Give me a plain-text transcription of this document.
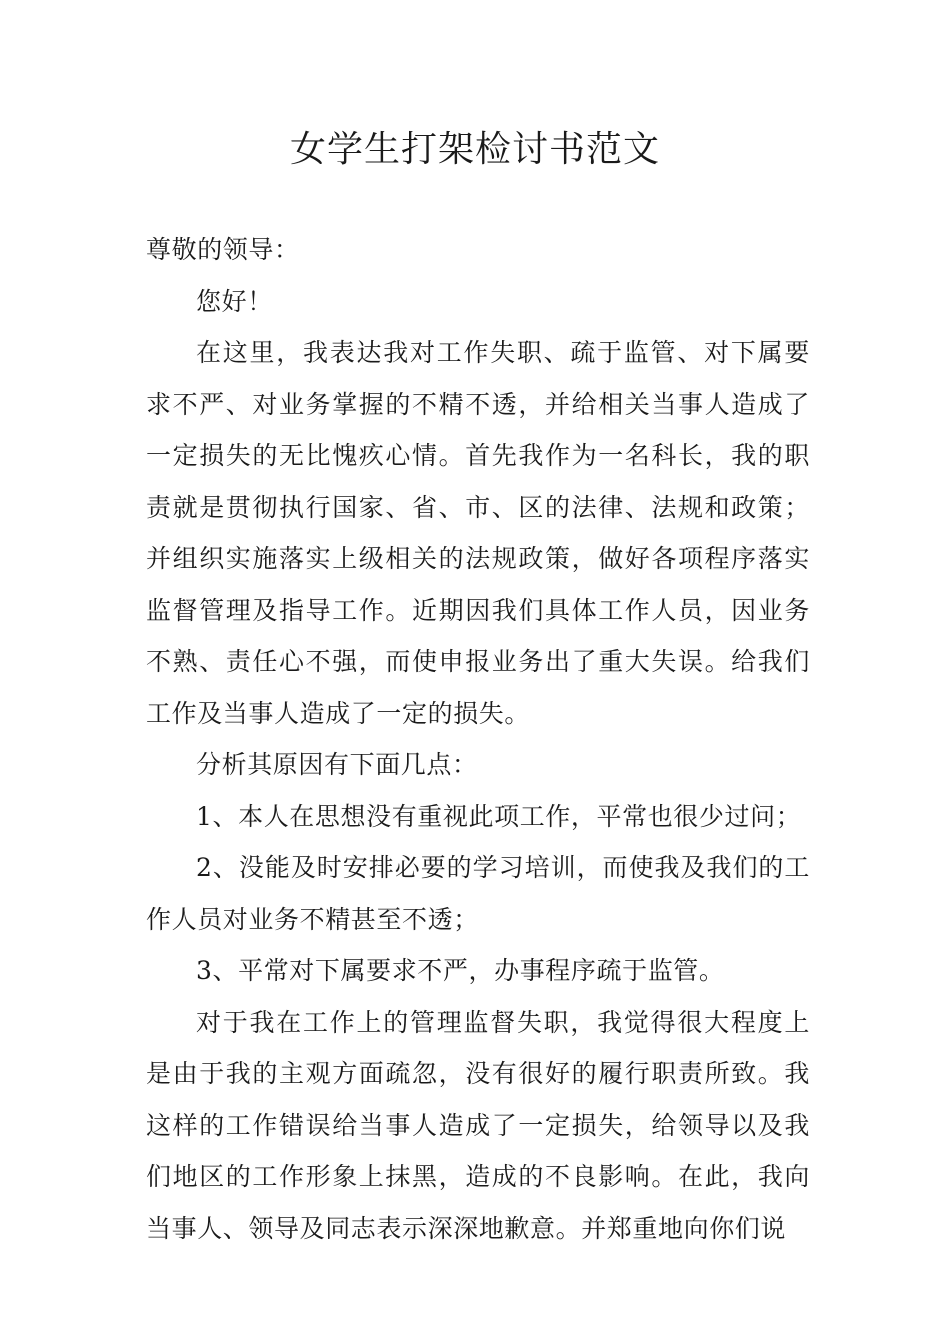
女学生打架检讨书范文

尊敬的领导：

您好！

在这里，我表达我对工作失职、疏于监管、对下属要求不严、对业务掌握的不精不透，并给相关当事人造成了一定损失的无比愧疚心情。首先我作为一名科长，我的职责就是贯彻执行国家、省、市、区的法律、法规和政策；并组织实施落实上级相关的法规政策，做好各项程序落实监督管理及指导工作。近期因我们具体工作人员，因业务不熟、责任心不强，而使申报业务出了重大失误。给我们工作及当事人造成了一定的损失。

分析其原因有下面几点：

1、本人在思想没有重视此项工作，平常也很少过问；

2、没能及时安排必要的学习培训，而使我及我们的工作人员对业务不精甚至不透；

3、平常对下属要求不严，办事程序疏于监管。

对于我在工作上的管理监督失职，我觉得很大程度上是由于我的主观方面疏忽，没有很好的履行职责所致。我这样的工作错误给当事人造成了一定损失，给领导以及我们地区的工作形象上抹黑，造成的不良影响。在此，我向当事人、领导及同志表示深深地歉意。并郑重地向你们说
